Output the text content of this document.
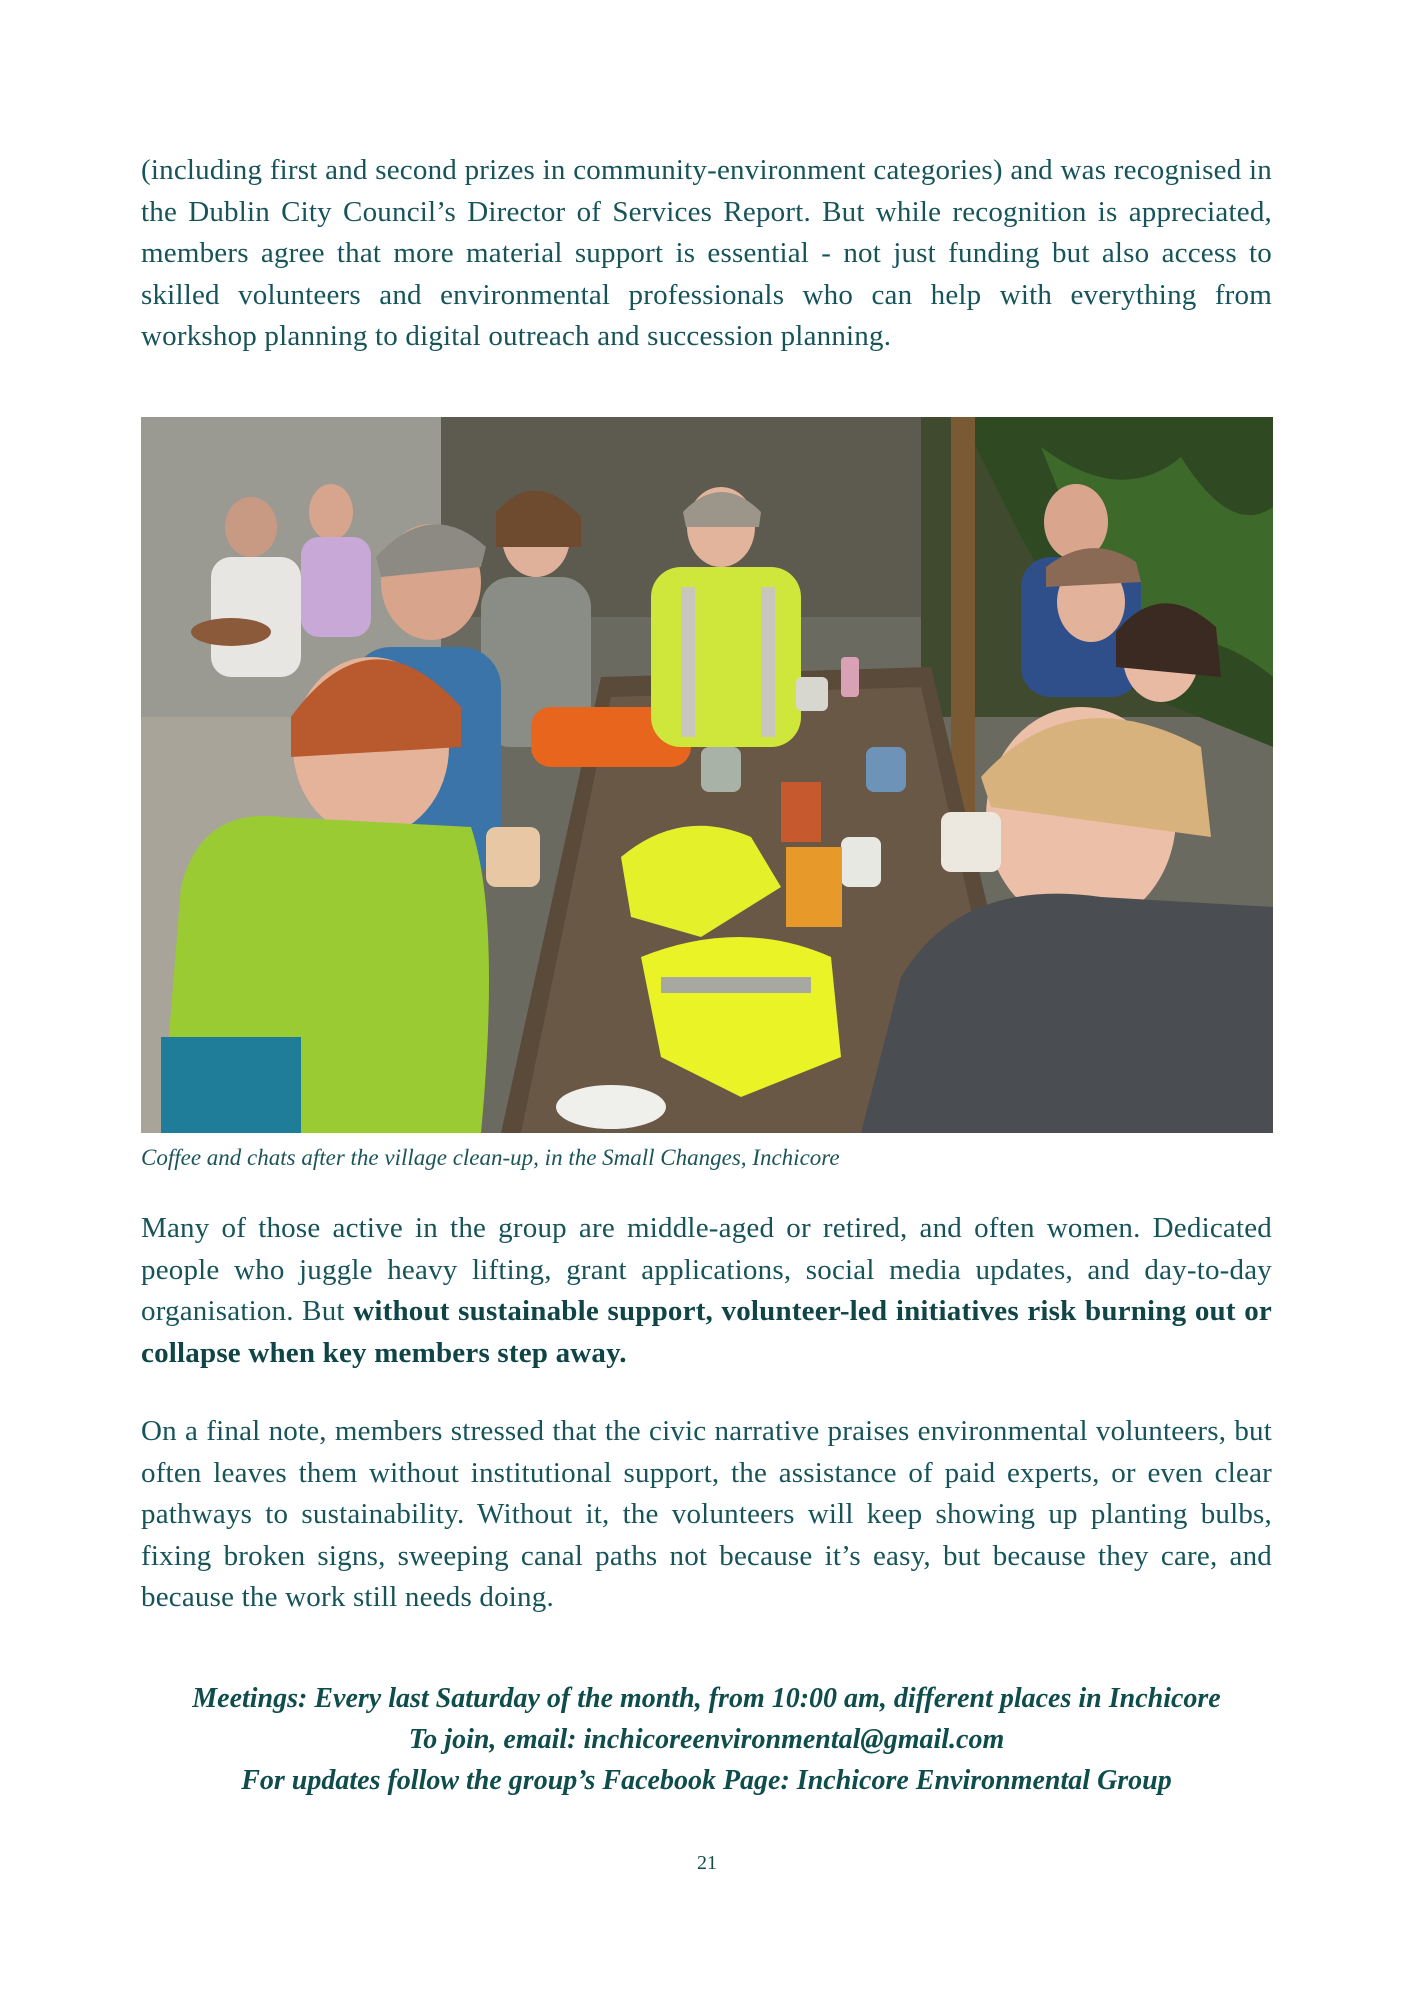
(including first and second prizes in community-environment categories) and was recognised in the Dublin City Council’s Director of Services Report. But while recognition is appreciated, members agree that more material support is essential - not just funding but also access to skilled volunteers and environmental professionals who can help with everything from workshop planning to digital outreach and succession planning.

Coffee and chats after the village clean-up, in the Small Changes, Inchicore

Many of those active in the group are middle-aged or retired, and often women. Dedicated people who juggle heavy lifting, grant applications, social media updates, and day-to-day organisation. But without sustainable support, volunteer-led initiatives risk burning out or collapse when key members step away.

On a final note, members stressed that the civic narrative praises environmental volunteers, but often leaves them without institutional support, the assistance of paid experts, or even clear pathways to sustainability. Without it, the volunteers will keep showing up planting bulbs, fixing broken signs, sweeping canal paths not because it’s easy, but because they care, and because the work still needs doing.

Meetings: Every last Saturday of the month, from 10:00 am, different places in Inchicore
To join, email: inchicoreenvironmental@gmail.com
For updates follow the group’s Facebook Page: Inchicore Environmental Group
21
